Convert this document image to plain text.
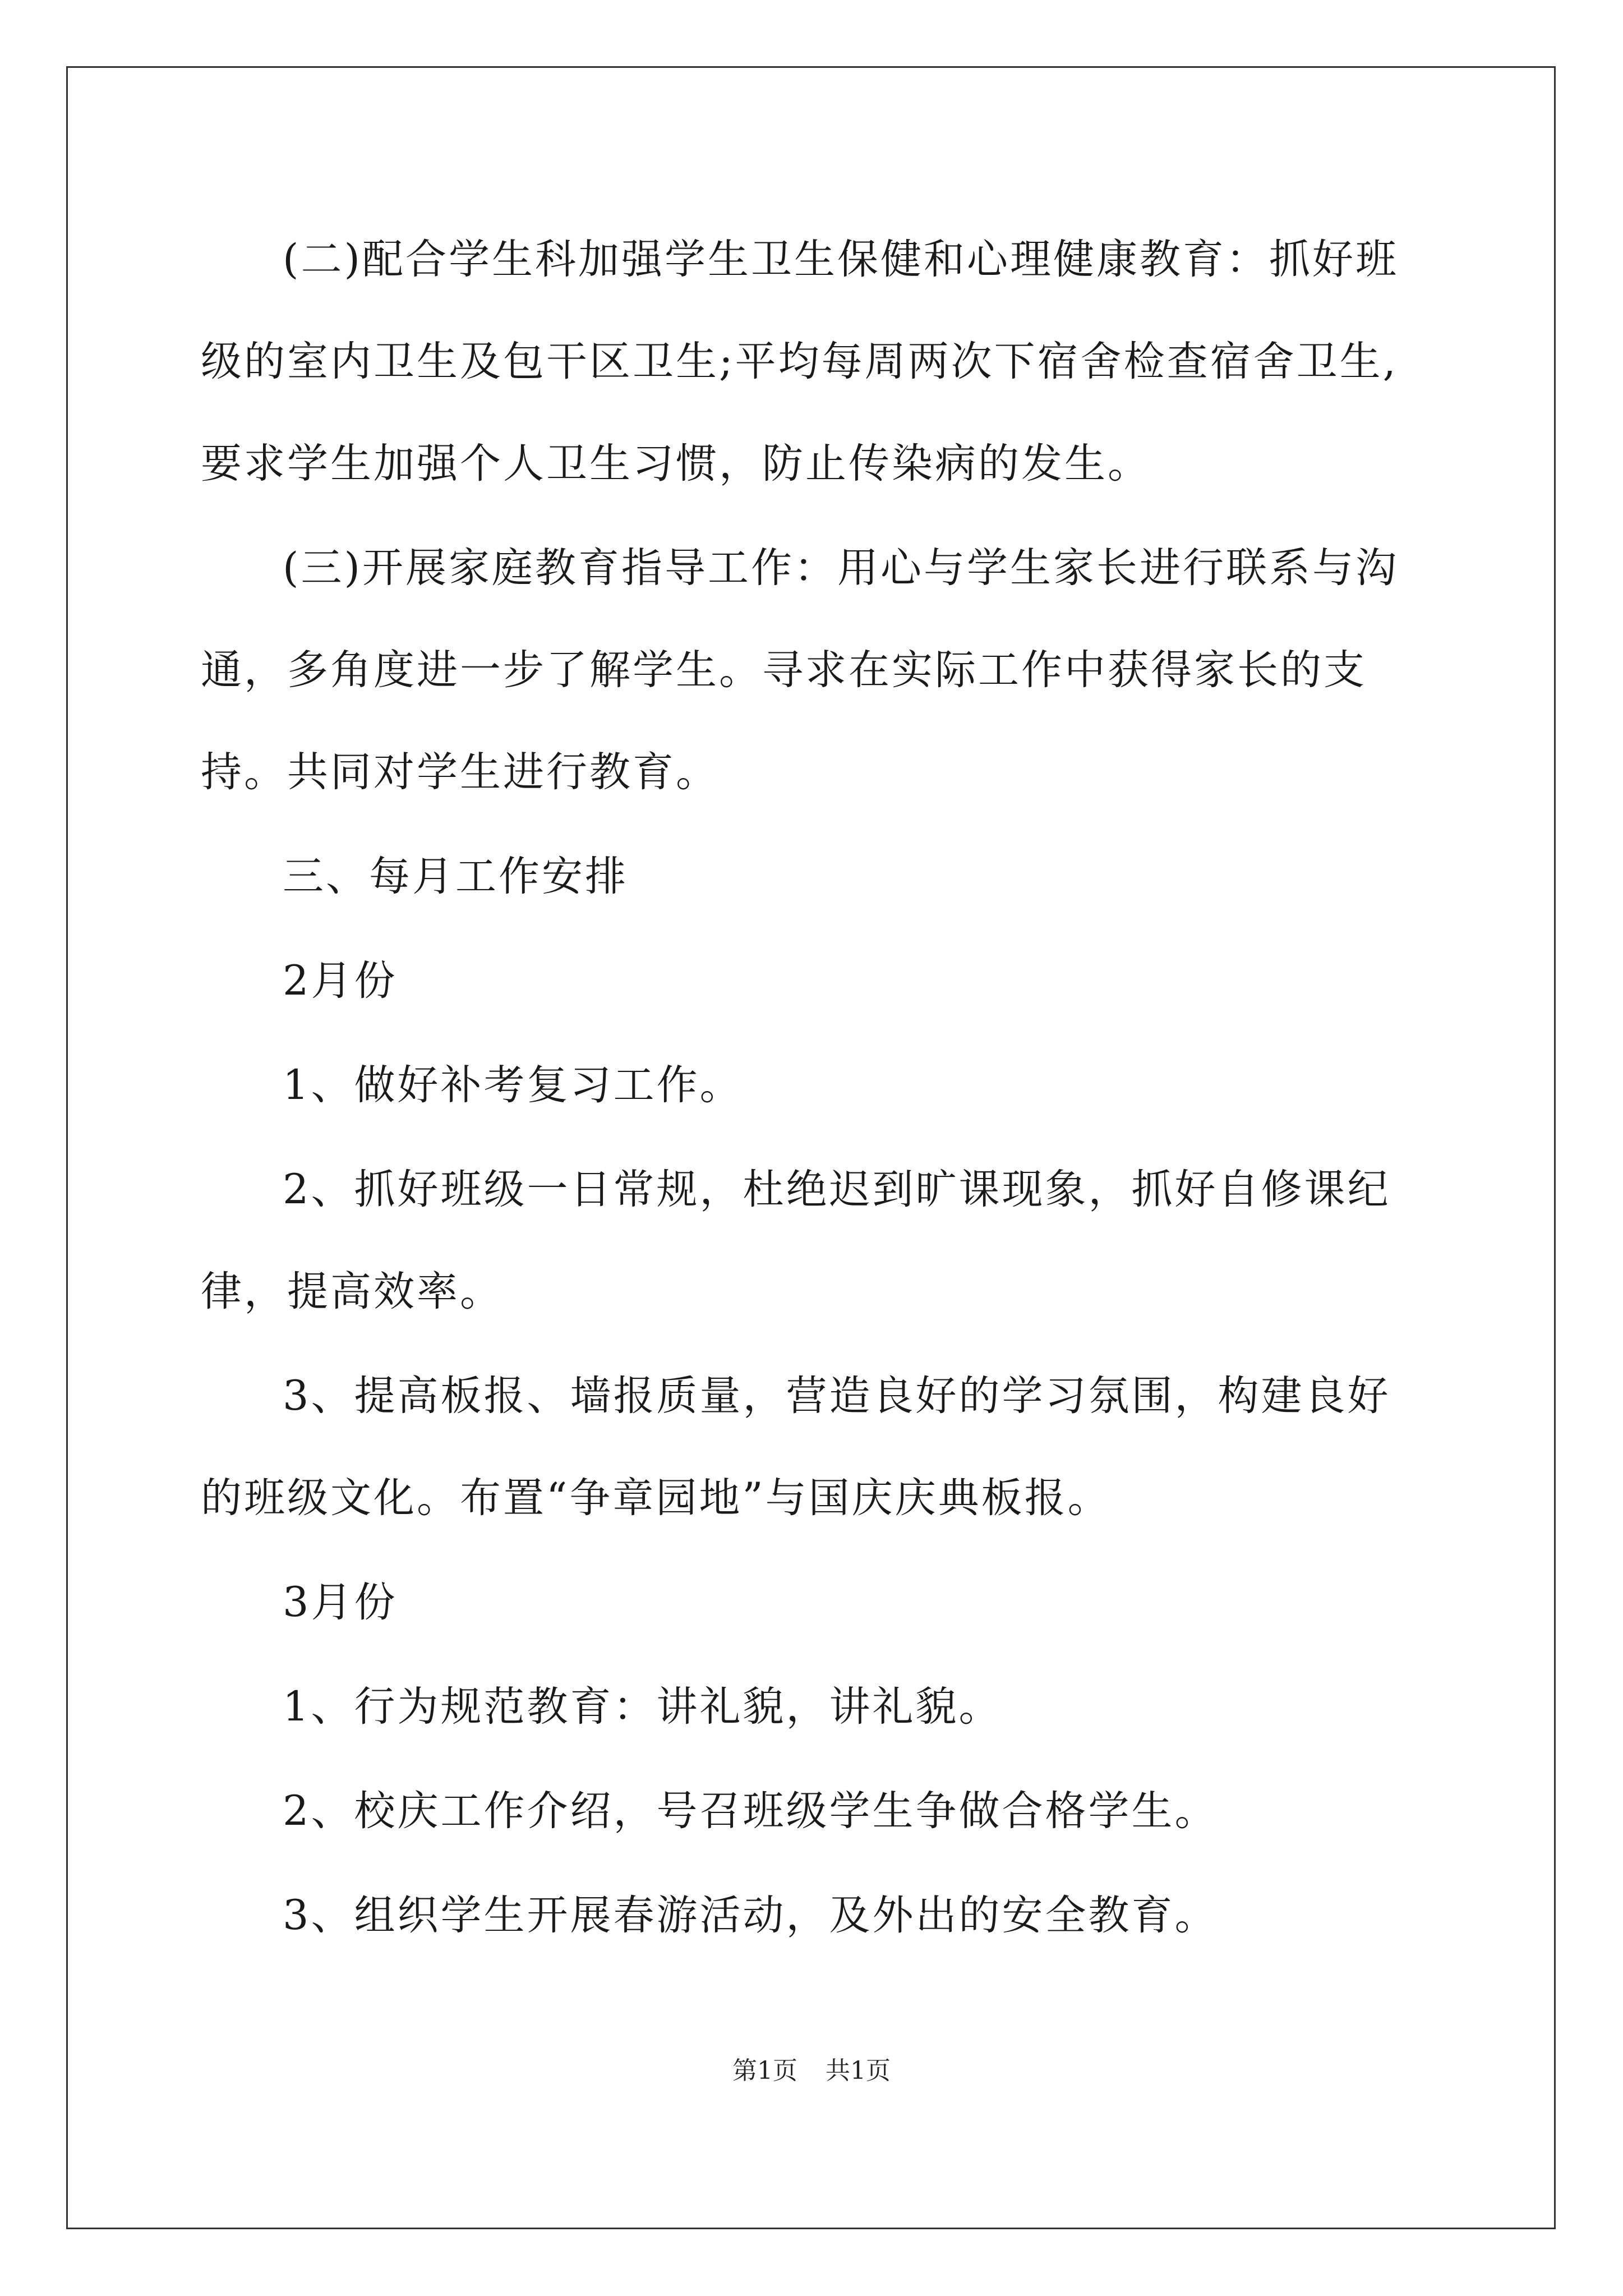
(二)配合学生科加强学生卫生保健和心理健康教育：抓好班级的室内卫生及包干区卫生;平均每周两次下宿舍检查宿舍卫生,要求学生加强个人卫生习惯，防止传染病的发生。

(三)开展家庭教育指导工作：用心与学生家长进行联系与沟通，多角度进一步了解学生。寻求在实际工作中获得家长的支持。共同对学生进行教育。

三、每月工作安排

2月份

1、做好补考复习工作。

2、抓好班级一日常规，杜绝迟到旷课现象，抓好自修课纪律，提高效率。

3、提高板报、墙报质量，营造良好的学习氛围，构建良好的班级文化。布置“争章园地”与国庆庆典板报。

3月份

1、行为规范教育：讲礼貌，讲礼貌。

2、校庆工作介绍，号召班级学生争做合格学生。

3、组织学生开展春游活动，及外出的安全教育。

第1页 共1页
